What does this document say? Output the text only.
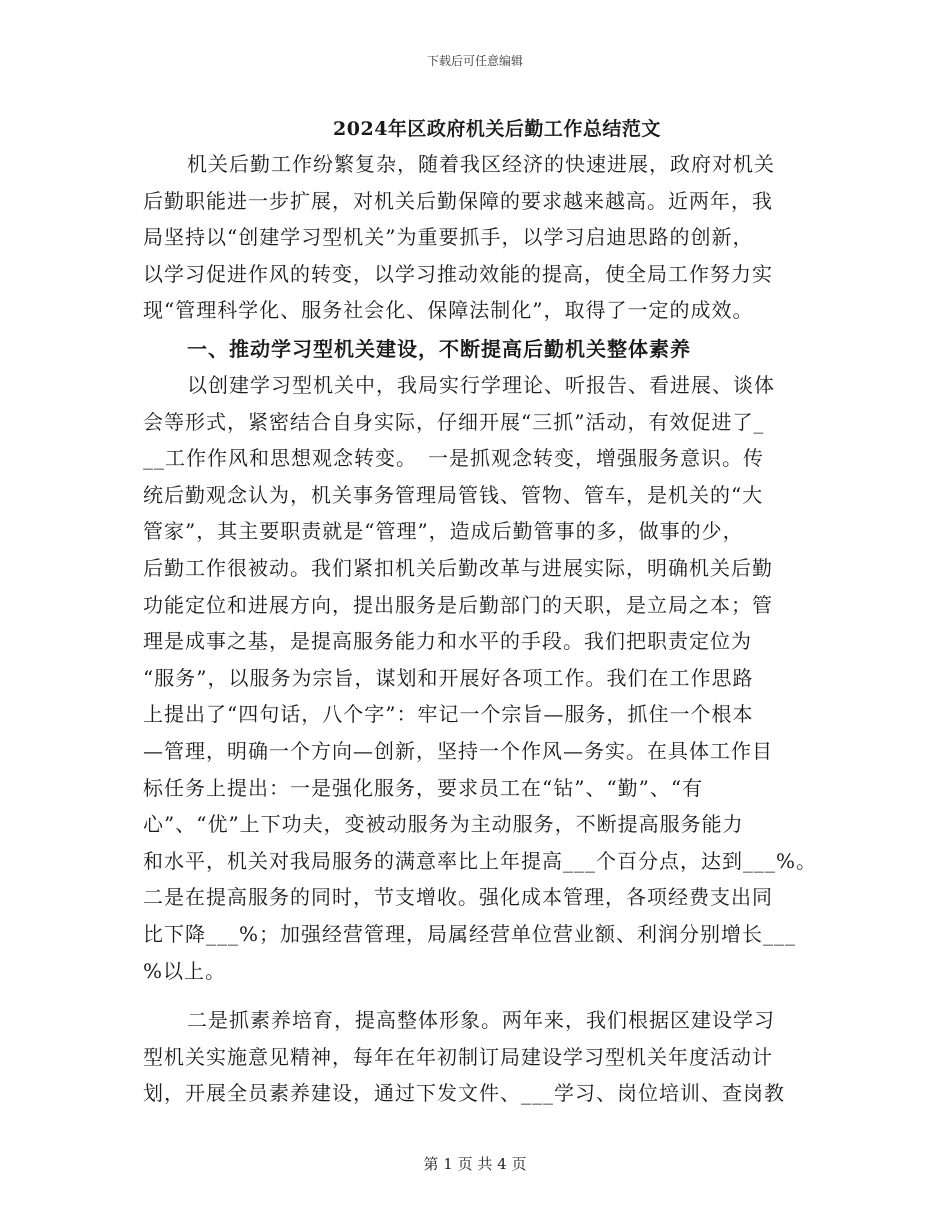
下载后可任意编辑
2024年区政府机关后勤工作总结范文
机关后勤工作纷繁复杂，随着我区经济的快速进展，政府对机关
后勤职能进一步扩展，对机关后勤保障的要求越来越高。近两年，我
局坚持以“创建学习型机关”为重要抓手，以学习启迪思路的创新，
以学习促进作风的转变，以学习推动效能的提高，使全局工作努力实
现“管理科学化、服务社会化、保障法制化”，取得了一定的成效。
一、推动学习型机关建设，不断提高后勤机关整体素养
以创建学习型机关中，我局实行学理论、听报告、看进展、谈体
会等形式，紧密结合自身实际，仔细开展“三抓”活动，有效促进了_
__工作作风和思想观念转变。　一是抓观念转变，增强服务意识。传
统后勤观念认为，机关事务管理局管钱、管物、管车，是机关的“大
管家”，其主要职责就是“管理”，造成后勤管事的多，做事的少，
后勤工作很被动。我们紧扣机关后勤改革与进展实际，明确机关后勤
功能定位和进展方向，提出服务是后勤部门的天职，是立局之本；管
理是成事之基，是提高服务能力和水平的手段。我们把职责定位为
“服务”，以服务为宗旨，谋划和开展好各项工作。我们在工作思路
上提出了“四句话，八个字”：牢记一个宗旨—服务，抓住一个根本
—管理，明确一个方向—创新，坚持一个作风—务实。在具体工作目
标任务上提出：一是强化服务，要求员工在“钻”、“勤”、“有
心”、“优”上下功夫，变被动服务为主动服务，不断提高服务能力
和水平，机关对我局服务的满意率比上年提高___个百分点，达到___%。
二是在提高服务的同时，节支增收。强化成本管理，各项经费支出同
比下降___%；加强经营管理，局属经营单位营业额、利润分别增长___
%以上。
二是抓素养培育，提高整体形象。两年来，我们根据区建设学习
型机关实施意见精神，每年在年初制订局建设学习型机关年度活动计
划，开展全员素养建设，通过下发文件、___学习、岗位培训、查岗教
第 1 页 共 4 页
